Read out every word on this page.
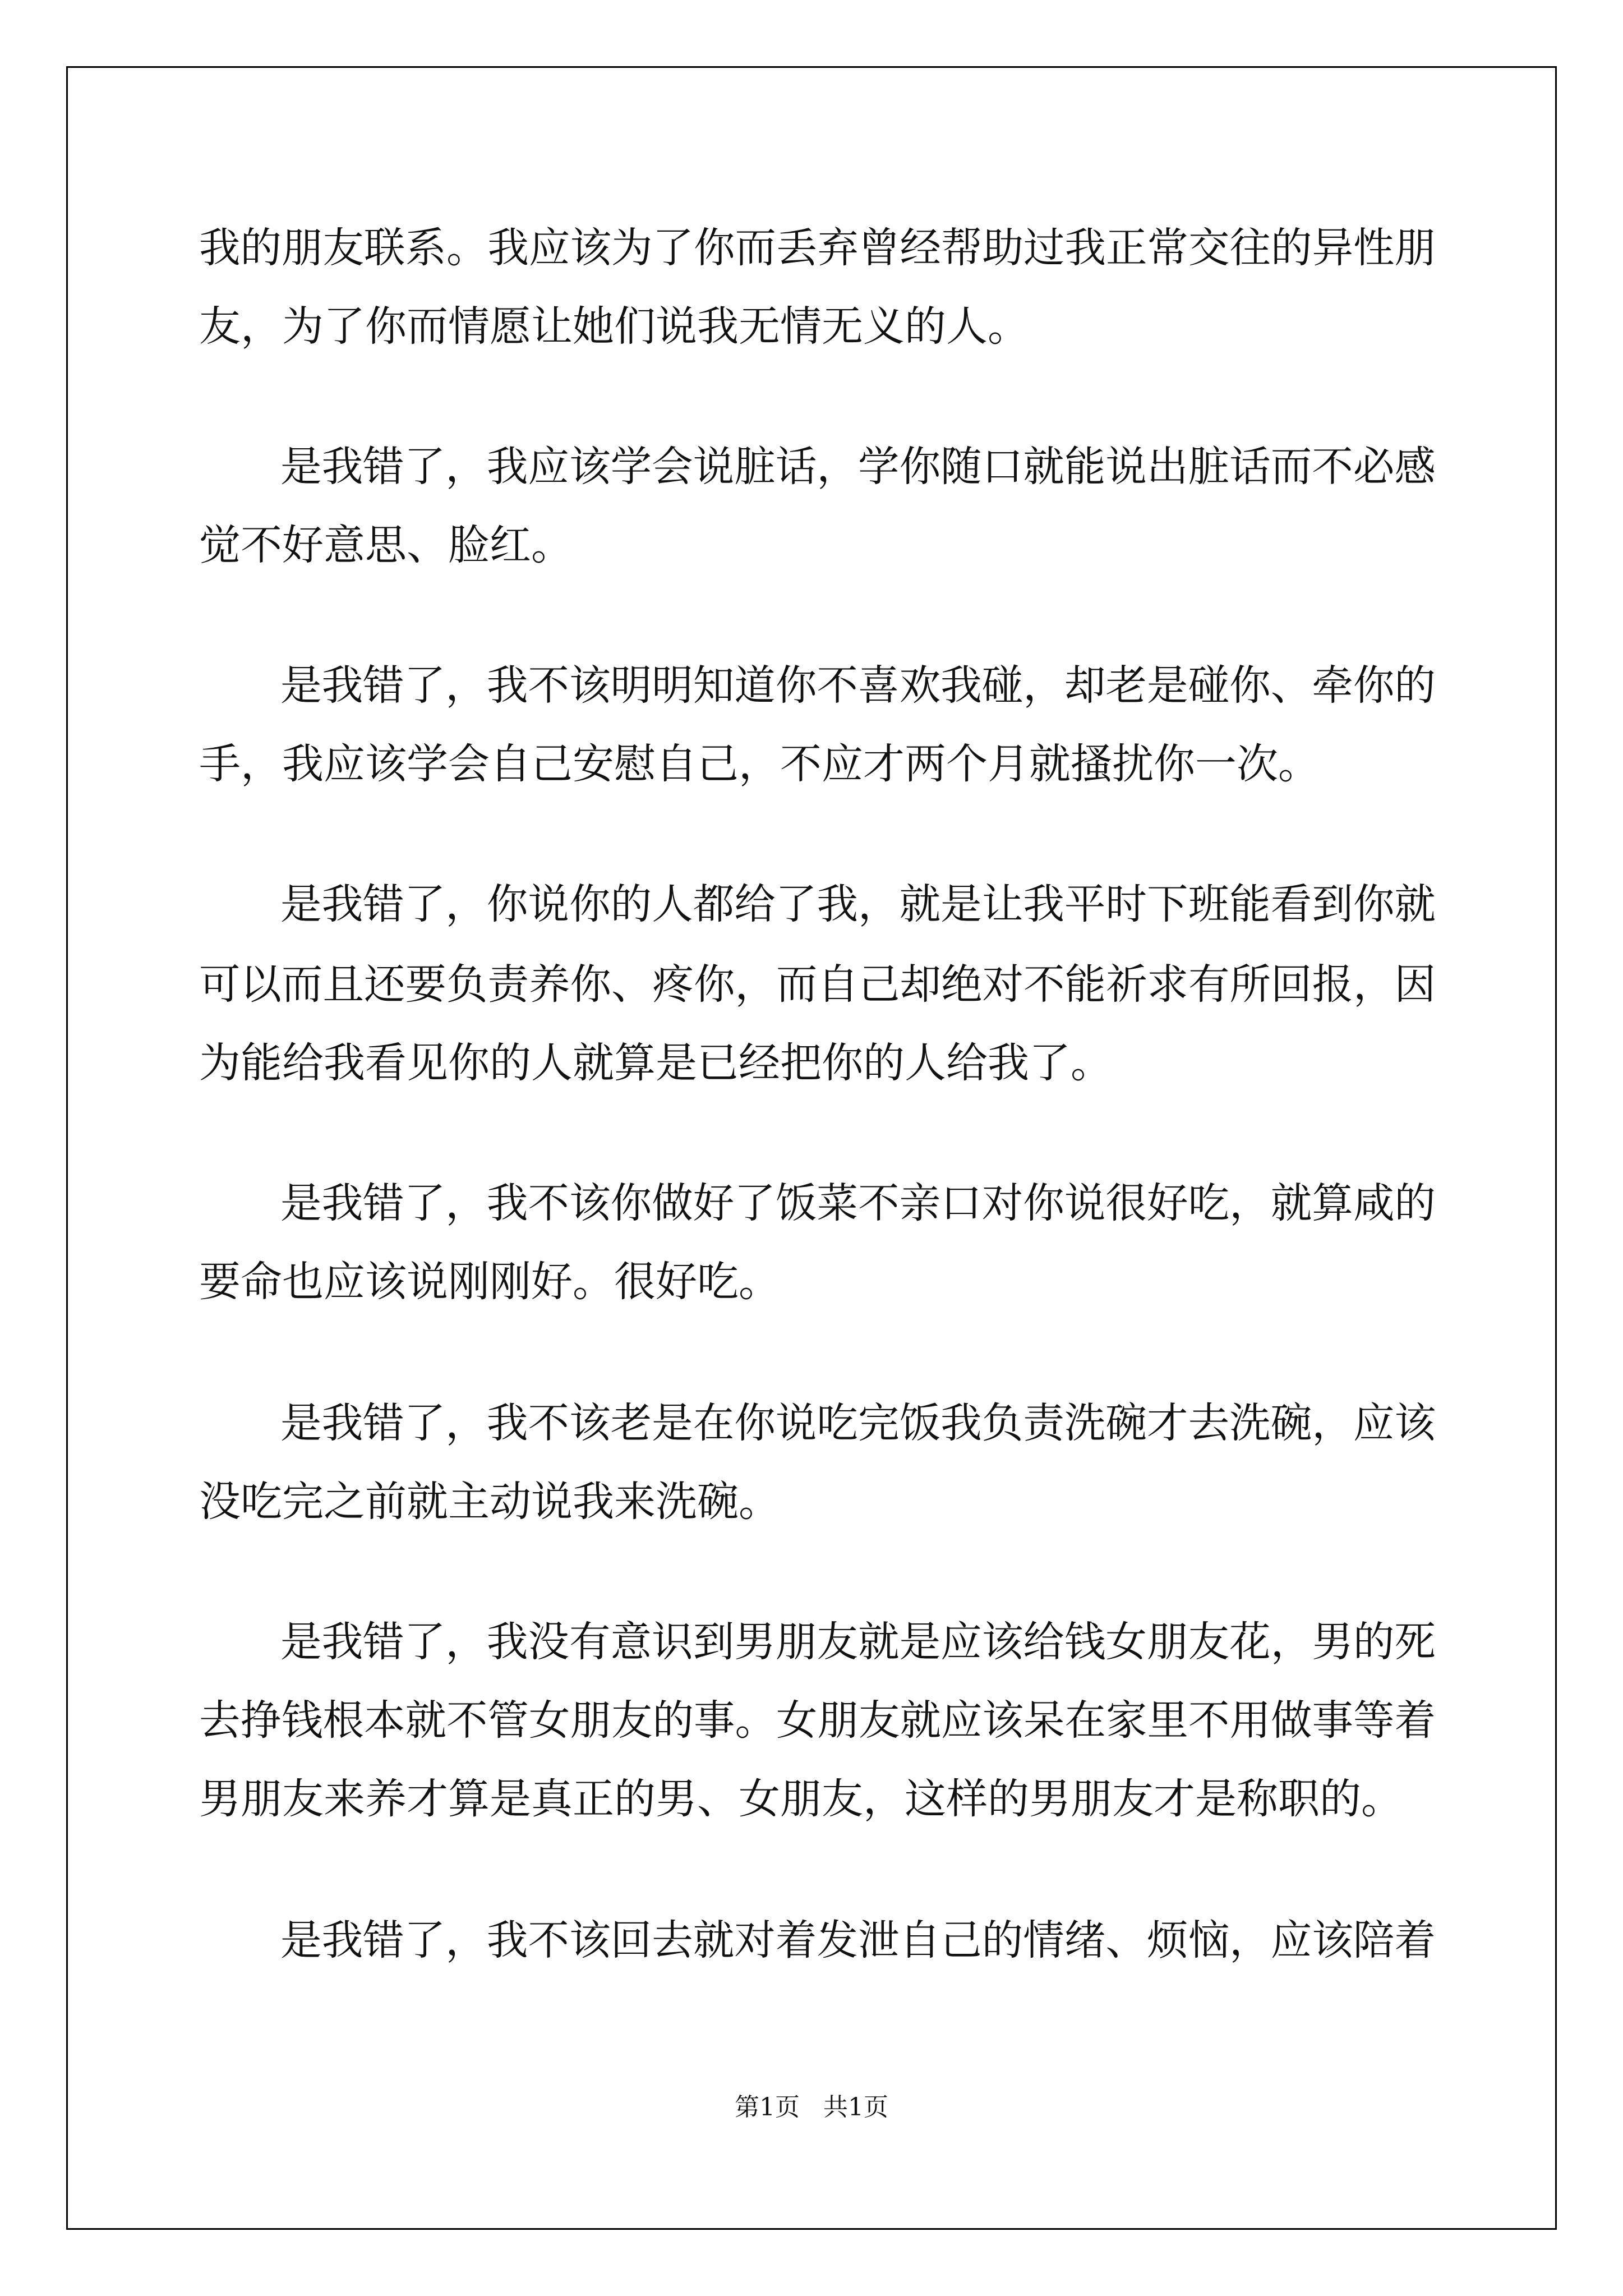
我的朋友联系。我应该为了你而丢弃曾经帮助过我正常交往的异性朋

友，为了你而情愿让她们说我无情无义的人。

是我错了，我应该学会说脏话，学你随口就能说出脏话而不必感

觉不好意思、脸红。

是我错了，我不该明明知道你不喜欢我碰，却老是碰你、牵你的

手，我应该学会自己安慰自己，不应才两个月就搔扰你一次。

是我错了，你说你的人都给了我，就是让我平时下班能看到你就

可以而且还要负责养你、疼你，而自己却绝对不能祈求有所回报，因

为能给我看见你的人就算是已经把你的人给我了。

是我错了，我不该你做好了饭菜不亲口对你说很好吃，就算咸的

要命也应该说刚刚好。很好吃。

是我错了，我不该老是在你说吃完饭我负责洗碗才去洗碗，应该

没吃完之前就主动说我来洗碗。

是我错了，我没有意识到男朋友就是应该给钱女朋友花，男的死

去挣钱根本就不管女朋友的事。女朋友就应该呆在家里不用做事等着

男朋友来养才算是真正的男、女朋友，这样的男朋友才是称职的。

是我错了，我不该回去就对着发泄自己的情绪、烦恼，应该陪着

第1页   共1页
